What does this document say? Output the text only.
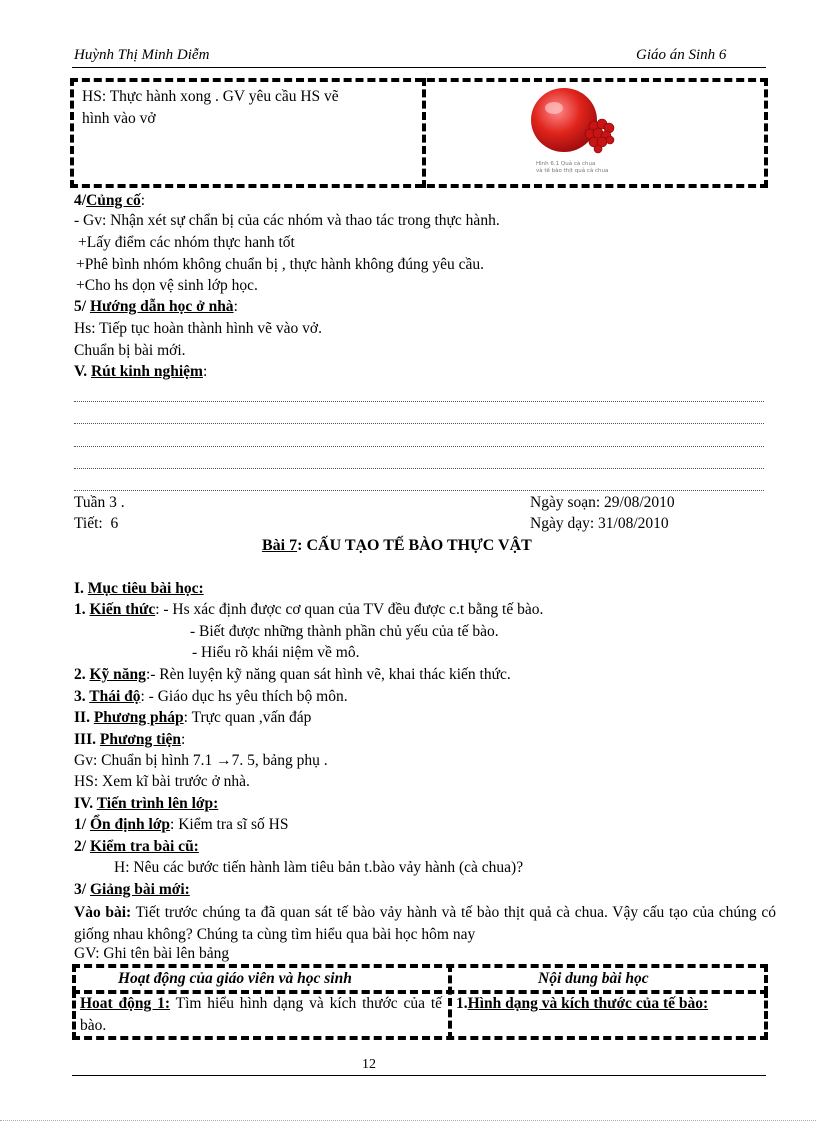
Huỳnh Thị Minh Diễm	Giáo án Sinh 6
HS: Thực hành xong . GV yêu cầu HS vẽ
hình vào vở
Hình 6.1 Quả cà chua
và tế bào thịt quả cà chua
4/Củng cố:
- Gv: Nhận xét sự chẩn bị của các nhóm và thao tác trong thực hành.
+Lấy điểm các nhóm thực hanh tốt
+Phê bình nhóm không chuẩn bị , thực hành không đúng yêu cầu.
+Cho hs dọn vệ sinh lớp học.
5/ Hướng dẫn học ở nhà:
Hs: Tiếp tục hoàn thành hình vẽ vào vở.
Chuẩn bị bài mới.
V. Rút kinh nghiệm:
Tuần 3 .	Ngày soạn: 29/08/2010
Tiết: 6	Ngày dạy: 31/08/2010
Bài 7: CẤU TẠO TẾ BÀO THỰC VẬT
I. Mục tiêu bài học:
1. Kiến thức: - Hs xác định được cơ quan của TV đều được c.t bằng tế bào.
- Biết được những thành phần chủ yếu của tế bào.
- Hiểu rõ khái niệm về mô.
2. Kỹ năng:- Rèn luyện kỹ năng quan sát hình vẽ, khai thác kiến thức.
3. Thái độ: - Giáo dục hs yêu thích bộ môn.
II. Phương pháp: Trực quan ,vấn đáp
III. Phương tiện:
Gv: Chuẩn bị hình 7.1 →7. 5, bảng phụ .
HS: Xem kĩ bài trước ở nhà.
IV. Tiến trình lên lớp:
1/ Ổn định lớp: Kiểm tra sĩ số HS
2/ Kiểm tra bài cũ:
H: Nêu các bước tiến hành làm tiêu bản t.bào vảy hành (cà chua)?
3/ Giảng bài mới:
Vào bài: Tiết trước chúng ta đã quan sát tế bào vảy hành và tế bào thịt quả cà chua. Vậy cấu tạo của chúng có giống nhau không? Chúng ta cùng tìm hiểu qua bài học hôm nay
GV: Ghi tên bài lên bảng
Hoạt động của giáo viên và học sinh	Nội dung bài học
Hoat động 1: Tìm hiểu hình dạng và kích thước của tế bào.
1.Hình dạng và kích thước của tế bào:
12
